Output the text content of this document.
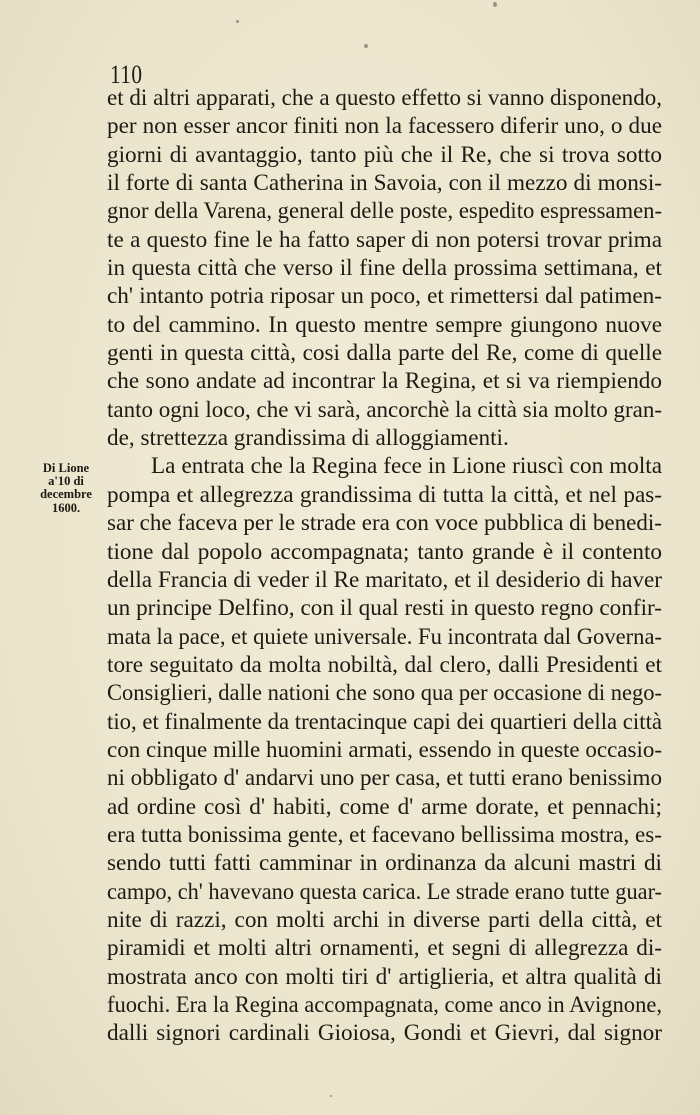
110
Di Lione
a'10 di
decembre
1600.
et di altri apparati, che a questo effetto si vanno disponendo,
per non esser ancor finiti non la facessero diferir uno, o due
giorni di avantaggio, tanto più che il Re, che si trova sotto
il forte di santa Catherina in Savoia, con il mezzo di monsi-
gnor della Varena, general delle poste, espedito espressamen-
te a questo fine le ha fatto saper di non potersi trovar prima
in questa città che verso il fine della prossima settimana, et
ch' intanto potria riposar un poco, et rimettersi dal patimen-
to del cammino. In questo mentre sempre giungono nuove
genti in questa città, cosi dalla parte del Re, come di quelle
che sono andate ad incontrar la Regina, et si va riempiendo
tanto ogni loco, che vi sarà, ancorchè la città sia molto gran-
de, strettezza grandissima di alloggiamenti.
La entrata che la Regina fece in Lione riuscì con molta
pompa et allegrezza grandissima di tutta la città, et nel pas-
sar che faceva per le strade era con voce pubblica di benedi-
tione dal popolo accompagnata; tanto grande è il contento
della Francia di veder il Re maritato, et il desiderio di haver
un principe Delfino, con il qual resti in questo regno confir-
mata la pace, et quiete universale. Fu incontrata dal Governa-
tore seguitato da molta nobiltà, dal clero, dalli Presidenti et
Consiglieri, dalle nationi che sono qua per occasione di nego-
tio, et finalmente da trentacinque capi dei quartieri della città
con cinque mille huomini armati, essendo in queste occasio-
ni obbligato d' andarvi uno per casa, et tutti erano benissimo
ad ordine così d' habiti, come d' arme dorate, et pennachi;
era tutta bonissima gente, et facevano bellissima mostra, es-
sendo tutti fatti camminar in ordinanza da alcuni mastri di
campo, ch' havevano questa carica. Le strade erano tutte guar-
nite di razzi, con molti archi in diverse parti della città, et
piramidi et molti altri ornamenti, et segni di allegrezza di-
mostrata anco con molti tiri d' artiglieria, et altra qualità di
fuochi. Era la Regina accompagnata, come anco in Avignone,
dalli signori cardinali Gioiosa, Gondi et Gievri, dal signor
